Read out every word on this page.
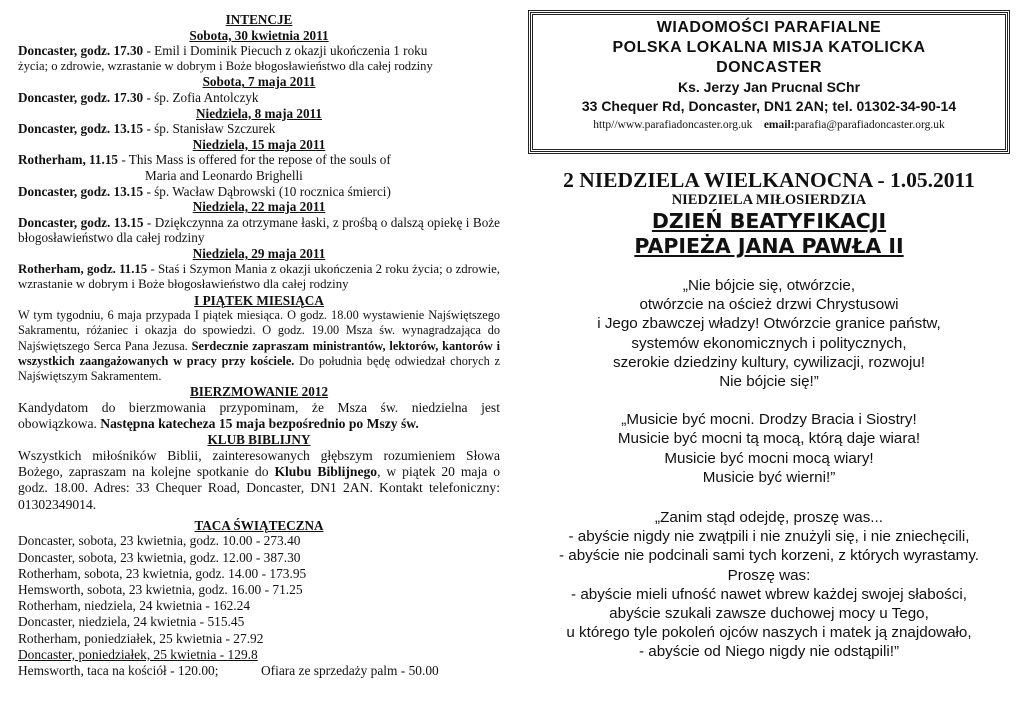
INTENCJE

Sobota, 30 kwietnia 2011

Doncaster, godz. 17.30 - Emil i Dominik Piecuch z okazji ukończenia 1 roku

życia; o zdrowie, wzrastanie w dobrym i Boże błogosławieństwo dla całej rodziny

Sobota, 7 maja 2011

Doncaster, godz. 17.30 - śp. Zofia Antolczyk

Niedziela, 8 maja 2011

Doncaster, godz. 13.15 - śp. Stanisław Szczurek

Niedziela, 15 maja 2011

Rotherham, 11.15 - This Mass is offered for the repose of the souls of

Maria and Leonardo Brighelli

Doncaster, godz. 13.15 - śp. Wacław Dąbrowski (10 rocznica śmierci)

Niedziela, 22 maja 2011

Doncaster, godz. 13.15 - Dziękczynna za otrzymane łaski, z prośbą o dalszą opiekę i Boże błogosławieństwo dla całej rodziny

Niedziela, 29 maja 2011

Rotherham, godz. 11.15 - Staś i Szymon Mania z okazji ukończenia 2 roku życia; o zdrowie, wzrastanie w dobrym i Boże błogosławieństwo dla całej rodziny

I PIĄTEK MIESIĄCA

W tym tygodniu, 6 maja przypada I piątek miesiąca. O godz. 18.00 wystawienie Najświętszego Sakramentu, różaniec i okazja do spowiedzi. O godz. 19.00 Msza św. wynagradzająca do Najświętszego Serca Pana Jezusa. Serdecznie zapraszam ministrantów, lektorów, kantorów i wszystkich zaangażowanych w pracy przy kościele. Do południa będę odwiedzał chorych z Najświętszym Sakramentem.

BIERZMOWANIE 2012

Kandydatom do bierzmowania przypominam, że Msza św. niedzielna jest obowiązkowa. Następna katecheza 15 maja bezpośrednio po Mszy św.

KLUB BIBLIJNY

Wszystkich miłośników Biblii, zainteresowanych głębszym rozumieniem Słowa Bożego, zapraszam na kolejne spotkanie do Klubu Biblijnego, w piątek 20 maja o godz. 18.00. Adres: 33 Chequer Road, Doncaster, DN1 2AN. Kontakt telefoniczny: 01302349014.

TACA ŚWIĄTECZNA

Doncaster, sobota, 23 kwietnia, godz. 10.00 - 273.40

Doncaster, sobota, 23 kwietnia, godz. 12.00 - 387.30

Rotherham, sobota, 23 kwietnia, godz. 14.00 - 173.95

Hemsworth, sobota, 23 kwietnia, godz. 16.00 - 71.25

Rotherham, niedziela, 24 kwietnia - 162.24

Doncaster, niedziela, 24 kwietnia - 515.45

Rotherham, poniedziałek, 25 kwietnia - 27.92

Doncaster, poniedziałek, 25 kwietnia - 129.8

Hemsworth, taca na kościół - 120.00;	Ofiara ze sprzedaży palm - 50.00

WIADOMOŚCI PARAFIALNE

POLSKA LOKALNA MISJA KATOLICKA

DONCASTER

Ks. Jerzy Jan Prucnal SChr

33 Chequer Rd, Doncaster, DN1 2AN; tel. 01302-34-90-14

http//www.parafiadoncaster.org.uk email:parafia@parafiadoncaster.org.uk

2 NIEDZIELA WIELKANOCNA - 1.05.2011

NIEDZIELA MIŁOSIERDZIA

DZIEŃ BEATYFIKACJI

PAPIEŻA JANA PAWŁA II

„Nie bójcie się, otwórzcie,

otwórzcie na oścież drzwi Chrystusowi

i Jego zbawczej władzy! Otwórzcie granice państw,

systemów ekonomicznych i politycznych,

szerokie dziedziny kultury, cywilizacji, rozwoju!

Nie bójcie się!”

„Musicie być mocni. Drodzy Bracia i Siostry!

Musicie być mocni tą mocą, którą daje wiara!

Musicie być mocni mocą wiary!

Musicie być wierni!”

„Zanim stąd odejdę, proszę was...

- abyście nigdy nie zwątpili i nie znużyli się, i nie zniechęcili,

- abyście nie podcinali sami tych korzeni, z których wyrastamy.

Proszę was:

- abyście mieli ufność nawet wbrew każdej swojej słabości,

abyście szukali zawsze duchowej mocy u Tego,

u którego tyle pokoleń ojców naszych i matek ją znajdowało,

- abyście od Niego nigdy nie odstąpili!”
